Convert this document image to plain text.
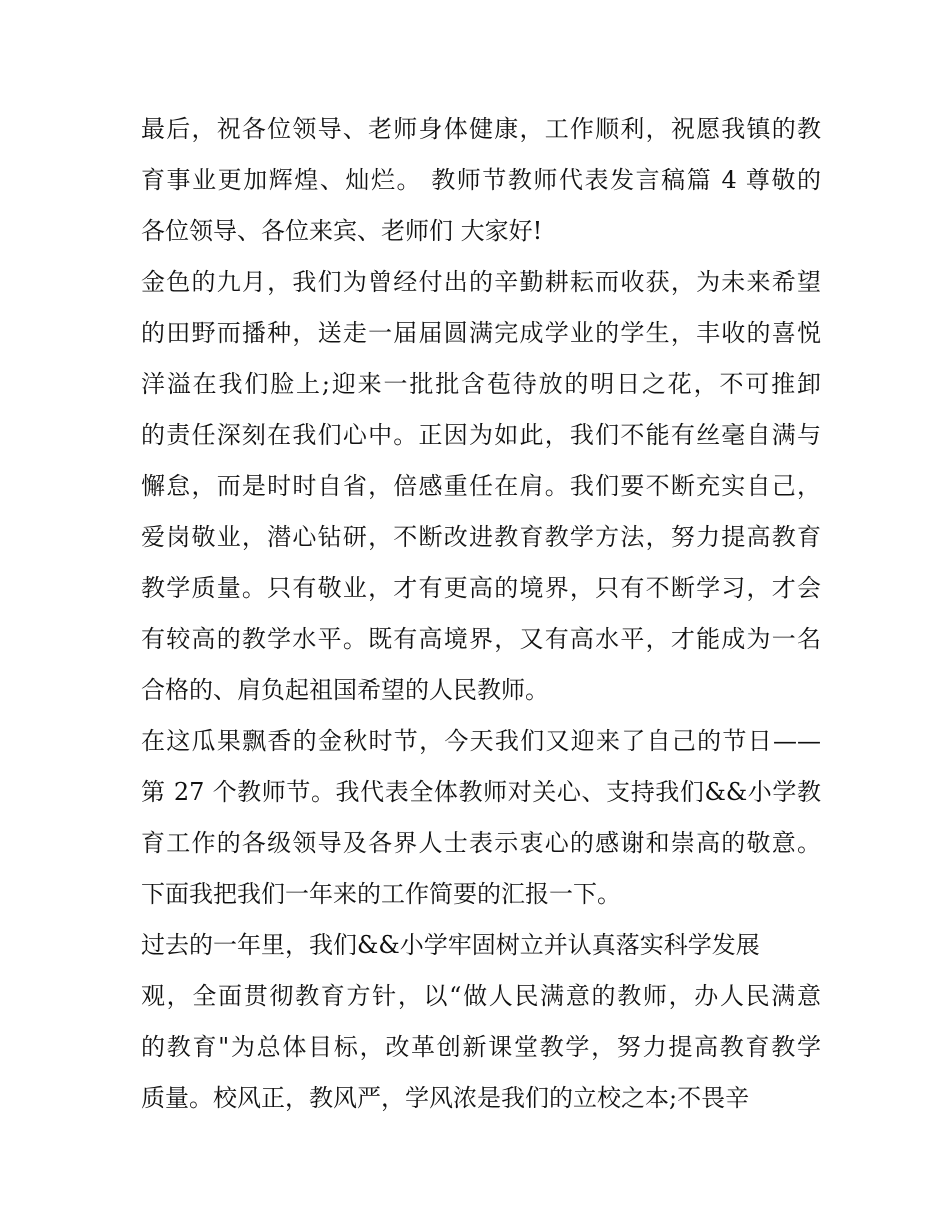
最后，祝各位领导、老师身体健康，工作顺利，祝愿我镇的教
育事业更加辉煌、灿烂。 教师节教师代表发言稿篇 4 尊敬的
各位领导、各位来宾、老师们 大家好!
金色的九月，我们为曾经付出的辛勤耕耘而收获，为未来希望
的田野而播种，送走一届届圆满完成学业的学生，丰收的喜悦
洋溢在我们脸上;迎来一批批含苞待放的明日之花，不可推卸
的责任深刻在我们心中。正因为如此，我们不能有丝毫自满与
懈怠，而是时时自省，倍感重任在肩。我们要不断充实自己，
爱岗敬业，潜心钻研，不断改进教育教学方法，努力提高教育
教学质量。只有敬业，才有更高的境界，只有不断学习，才会
有较高的教学水平。既有高境界，又有高水平，才能成为一名
合格的、肩负起祖国希望的人民教师。
在这瓜果飘香的金秋时节，今天我们又迎来了自己的节日——
第 27 个教师节。我代表全体教师对关心、支持我们&&小学教
育工作的各级领导及各界人士表示衷心的感谢和崇高的敬意。
下面我把我们一年来的工作简要的汇报一下。
过去的一年里，我们&&小学牢固树立并认真落实科学发展
观，全面贯彻教育方针，以“做人民满意的教师，办人民满意
的教育"为总体目标，改革创新课堂教学，努力提高教育教学
质量。校风正，教风严，学风浓是我们的立校之本;不畏辛
